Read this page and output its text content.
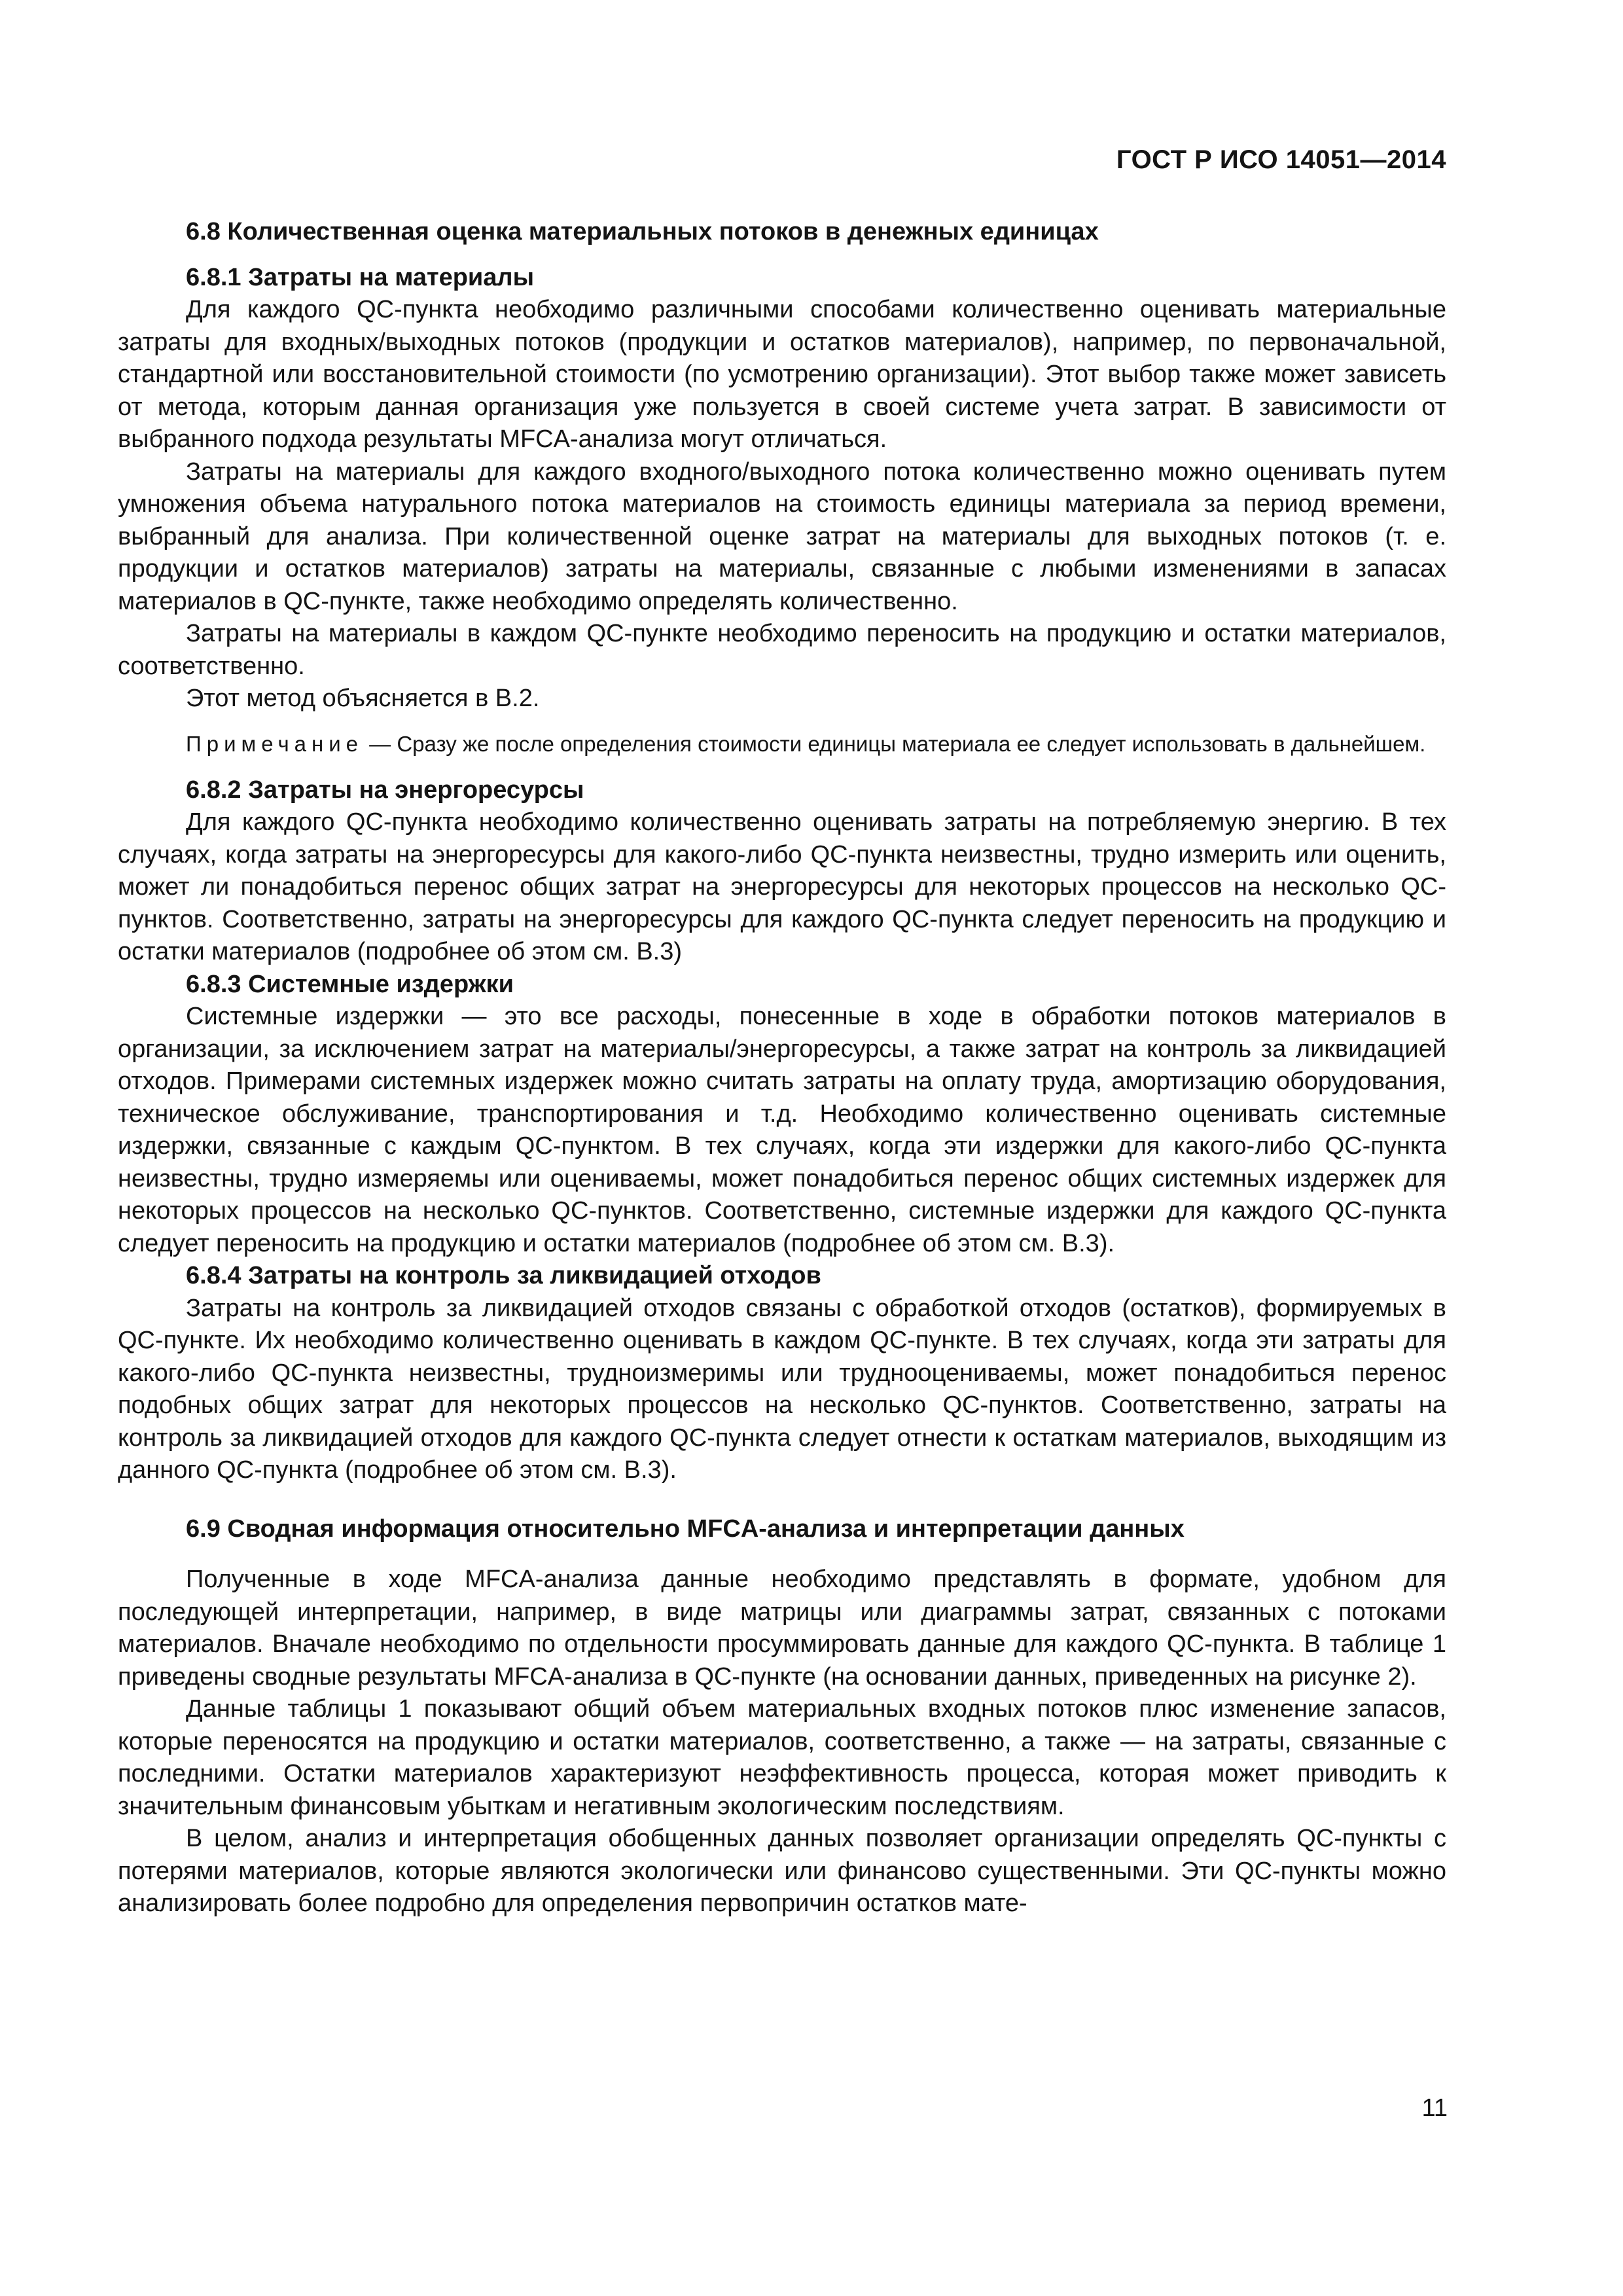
ГОСТ Р ИСО 14051—2014
6.8 Количественная оценка материальных потоков в денежных единицах
6.8.1 Затраты на материалы

Для каждого QC-пункта необходимо различными способами количественно оценивать материальные затраты для входных/выходных потоков (продукции и остатков материалов), например, по первоначальной, стандартной или восстановительной стоимости (по усмотрению организации). Этот выбор также может зависеть от метода, которым данная организация уже пользуется в своей системе учета затрат. В зависимости от выбранного подхода результаты MFCA-анализа могут отличаться.

Затраты на материалы для каждого входного/выходного потока количественно можно оценивать путем умножения объема натурального потока материалов на стоимость единицы материала за период времени, выбранный для анализа. При количественной оценке затрат на материалы для выходных потоков (т. е. продукции и остатков материалов) затраты на материалы, связанные с любыми изменениями в запасах материалов в QC-пункте, также необходимо определять количественно.

Затраты на материалы в каждом QC-пункте необходимо переносить на продукцию и остатки материалов, соответственно.

Этот метод объясняется в В.2.

Примечание — Сразу же после определения стоимости единицы материала ее следует использовать в дальнейшем.
6.8.2 Затраты на энергоресурсы

Для каждого QC-пункта необходимо количественно оценивать затраты на потребляемую энергию. В тех случаях, когда затраты на энергоресурсы для какого-либо QC-пункта неизвестны, трудно измерить или оценить, может ли понадобиться перенос общих затрат на энергоресурсы для некоторых процессов на несколько QC-пунктов. Соответственно, затраты на энергоресурсы для каждого QC-пункта следует переносить на продукцию и остатки материалов (подробнее об этом см. В.3)

6.8.3 Системные издержки

Системные издержки — это все расходы, понесенные в ходе в обработки потоков материалов в организации, за исключением затрат на материалы/энергоресурсы, а также затрат на контроль за ликвидацией отходов. Примерами системных издержек можно считать затраты на оплату труда, амортизацию оборудования, техническое обслуживание, транспортирования и т.д. Необходимо количественно оценивать системные издержки, связанные с каждым QC-пунктом. В тех случаях, когда эти издержки для какого-либо QC-пункта неизвестны, трудно измеряемы или оцениваемы, может понадобиться перенос общих системных издержек для некоторых процессов на несколько QC-пунктов. Соответственно, системные издержки для каждого QC-пункта следует переносить на продукцию и остатки материалов (подробнее об этом см. В.3).

6.8.4 Затраты на контроль за ликвидацией отходов

Затраты на контроль за ликвидацией отходов связаны с обработкой отходов (остатков), формируемых в QC-пункте. Их необходимо количественно оценивать в каждом QC-пункте. В тех случаях, когда эти затраты для какого-либо QC-пункта неизвестны, трудноизмеримы или труднооцениваемы, может понадобиться перенос подобных общих затрат для некоторых процессов на несколько QC-пунктов. Соответственно, затраты на контроль за ликвидацией отходов для каждого QC-пункта следует отнести к остаткам материалов, выходящим из данного QC-пункта (подробнее об этом см. В.3).

6.9 Сводная информация относительно MFCA-анализа и интерпретации данных

Полученные в ходе MFCA-анализа данные необходимо представлять в формате, удобном для последующей интерпретации, например, в виде матрицы или диаграммы затрат, связанных с потоками материалов. Вначале необходимо по отдельности просуммировать данные для каждого QC-пункта. В таблице 1 приведены сводные результаты MFCA-анализа в QC-пункте (на основании данных, приведенных на рисунке 2).

Данные таблицы 1 показывают общий объем материальных входных потоков плюс изменение запасов, которые переносятся на продукцию и остатки материалов, соответственно, а также — на затраты, связанные с последними. Остатки материалов характеризуют неэффективность процесса, которая может приводить к значительным финансовым убыткам и негативным экологическим последствиям.

В целом, анализ и интерпретация обобщенных данных позволяет организации определять QC-пункты с потерями материалов, которые являются экологически или финансово существенными. Эти QC-пункты можно анализировать более подробно для определения первопричин остатков мате-

11
